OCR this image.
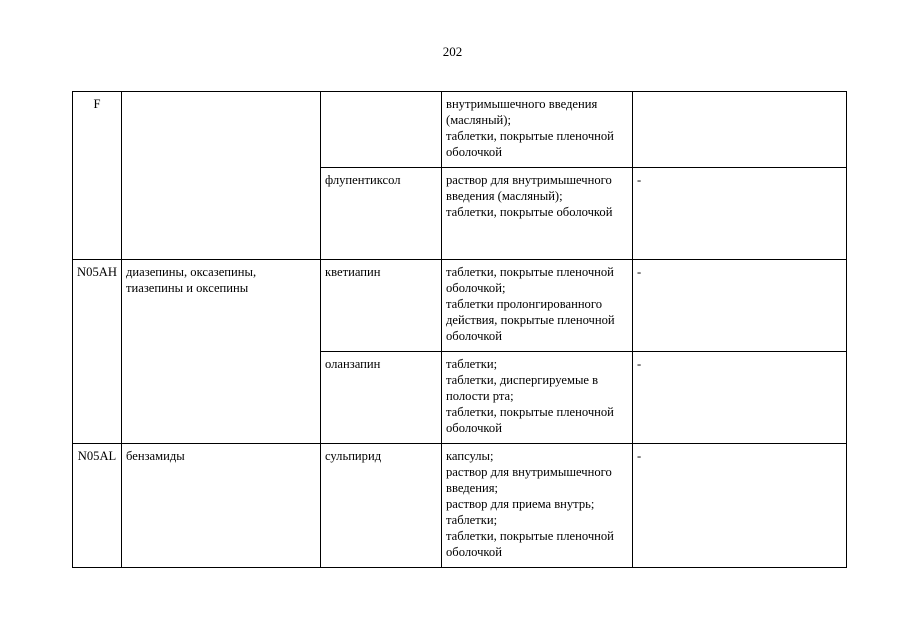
202
F			внутримышечного введения (масляный);
таблетки, покрытые пленочной оболочкой	

		флупентиксол	раствор для внутримышечного введения (масляный);
таблетки, покрытые оболочкой	-
N05AH	диазепины, оксазепины, тиазепины и оксепины	кветиапин	таблетки, покрытые пленочной оболочкой;
таблетки пролонгированного действия, покрытые пленочной оболочкой	-
		оланзапин	таблетки;
таблетки, диспергируемые в полости рта;
таблетки, покрытые пленочной оболочкой	-
N05AL	бензамиды	сульпирид	капсулы;
раствор для внутримышечного введения;
раствор для приема внутрь;
таблетки;
таблетки, покрытые пленочной оболочкой	-
